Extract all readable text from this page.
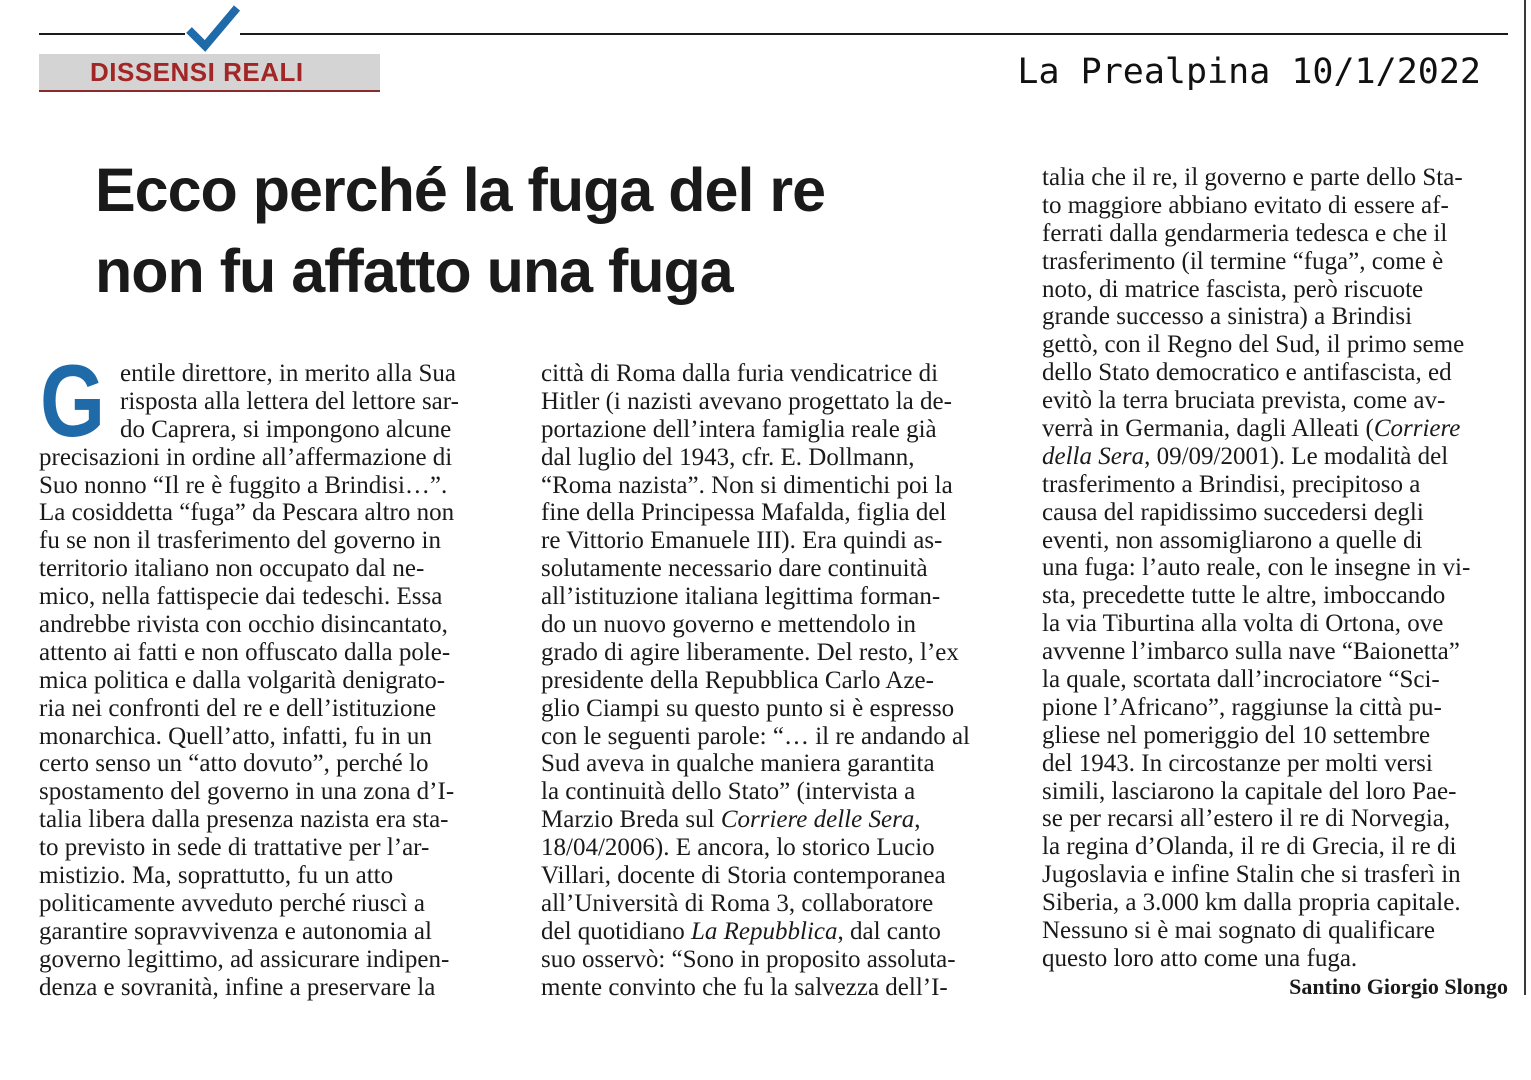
DISSENSI REALI	La Prealpina 10/1/2022
Ecco perché la fuga del re
non fu affatto una fuga
G entile direttore, in merito alla Sua
risposta alla lettera del lettore sar-
do Caprera, si impongono alcune
precisazioni in ordine all’affermazione di
Suo nonno “Il re è fuggito a Brindisi…”.
La cosiddetta “fuga” da Pescara altro non
fu se non il trasferimento del governo in
territorio italiano non occupato dal ne-
mico, nella fattispecie dai tedeschi. Essa
andrebbe rivista con occhio disincantato,
attento ai fatti e non offuscato dalla pole-
mica politica e dalla volgarità denigrato-
ria nei confronti del re e dell’istituzione
monarchica. Quell’atto, infatti, fu in un
certo senso un “atto dovuto”, perché lo
spostamento del governo in una zona d’I-
talia libera dalla presenza nazista era sta-
to previsto in sede di trattative per l’ar-
mistizio. Ma, soprattutto, fu un atto
politicamente avveduto perché riuscì a
garantire sopravvivenza e autonomia al
governo legittimo, ad assicurare indipen-
denza e sovranità, infine a preservare la
città di Roma dalla furia vendicatrice di
Hitler (i nazisti avevano progettato la de-
portazione dell’intera famiglia reale già
dal luglio del 1943, cfr. E. Dollmann,
“Roma nazista”. Non si dimentichi poi la
fine della Principessa Mafalda, figlia del
re Vittorio Emanuele III). Era quindi as-
solutamente necessario dare continuità
all’istituzione italiana legittima forman-
do un nuovo governo e mettendolo in
grado di agire liberamente. Del resto, l’ex
presidente della Repubblica Carlo Aze-
glio Ciampi su questo punto si è espresso
con le seguenti parole: “… il re andando al
Sud aveva in qualche maniera garantita
la continuità dello Stato” (intervista a
Marzio Breda sul Corriere delle Sera,
18/04/2006). E ancora, lo storico Lucio
Villari, docente di Storia contemporanea
all’Università di Roma 3, collaboratore
del quotidiano La Repubblica, dal canto
suo osservò: “Sono in proposito assoluta-
mente convinto che fu la salvezza dell’I-
talia che il re, il governo e parte dello Sta-
to maggiore abbiano evitato di essere af-
ferrati dalla gendarmeria tedesca e che il
trasferimento (il termine “fuga”, come è
noto, di matrice fascista, però riscuote
grande successo a sinistra) a Brindisi
gettò, con il Regno del Sud, il primo seme
dello Stato democratico e antifascista, ed
evitò la terra bruciata prevista, come av-
verrà in Germania, dagli Alleati (Corriere
della Sera, 09/09/2001). Le modalità del
trasferimento a Brindisi, precipitoso a
causa del rapidissimo succedersi degli
eventi, non assomigliarono a quelle di
una fuga: l’auto reale, con le insegne in vi-
sta, precedette tutte le altre, imboccando
la via Tiburtina alla volta di Ortona, ove
avvenne l’imbarco sulla nave “Baionetta”
la quale, scortata dall’incrociatore “Sci-
pione l’Africano”, raggiunse la città pu-
gliese nel pomeriggio del 10 settembre
del 1943. In circostanze per molti versi
simili, lasciarono la capitale del loro Pae-
se per recarsi all’estero il re di Norvegia,
la regina d’Olanda, il re di Grecia, il re di
Jugoslavia e infine Stalin che si trasferì in
Siberia, a 3.000 km dalla propria capitale.
Nessuno si è mai sognato di qualificare
questo loro atto come una fuga.
Santino Giorgio Slongo
